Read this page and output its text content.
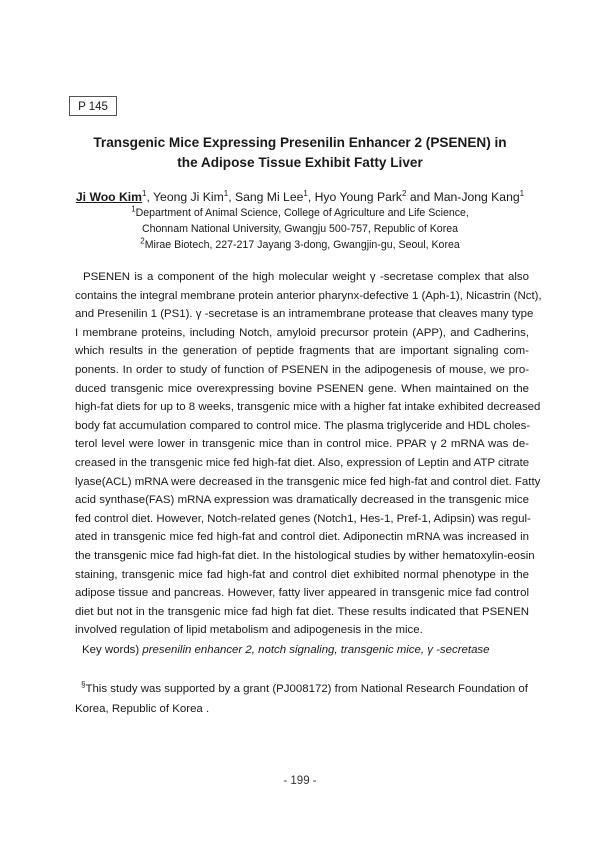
P 145
Transgenic Mice Expressing Presenilin Enhancer 2 (PSENEN) in
the Adipose Tissue Exhibit Fatty Liver
Ji Woo Kim$^1$, Yeong Ji Kim$^1$, Sang Mi Lee$^1$, Hyo Young Park$^2$ and Man-Jong Kang$^1$
$^1$Department of Animal Science, College of Agriculture and Life Science,
Chonnam National University, Gwangju 500-757, Republic of Korea
$^2$Mirae Biotech, 227-217 Jayang 3-dong, Gwangjin-gu, Seoul, Korea
PSENEN is a component of the high molecular weight γ -secretase complex that also
contains the integral membrane protein anterior pharynx-defective 1 (Aph-1), Nicastrin (Nct),
and Presenilin 1 (PS1). γ -secretase is an intramembrane protease that cleaves many type
I membrane proteins, including Notch, amyloid precursor protein (APP), and Cadherins,
which results in the generation of peptide fragments that are important signaling com-
ponents. In order to study of function of PSENEN in the adipogenesis of mouse, we pro-
duced transgenic mice overexpressing bovine PSENEN gene. When maintained on the
high-fat diets for up to 8 weeks, transgenic mice with a higher fat intake exhibited decreased
body fat accumulation compared to control mice. The plasma triglyceride and HDL choles-
terol level were lower in transgenic mice than in control mice. PPAR γ 2 mRNA was de-
creased in the transgenic mice fed high-fat diet. Also, expression of Leptin and ATP citrate
lyase(ACL) mRNA were decreased in the transgenic mice fed high-fat and control diet. Fatty
acid synthase(FAS) mRNA expression was dramatically decreased in the transgenic mice
fed control diet. However, Notch-related genes (Notch1, Hes-1, Pref-1, Adipsin) was regul-
ated in transgenic mice fed high-fat and control diet. Adiponectin mRNA was increased in
the transgenic mice fad high-fat diet. In the histological studies by wither hematoxylin-eosin
staining, transgenic mice fad high-fat and control diet exhibited normal phenotype in the
adipose tissue and pancreas. However, fatty liver appeared in transgenic mice fad control
diet but not in the transgenic mice fad high fat diet. These results indicated that PSENEN
involved regulation of lipid metabolism and adipogenesis in the mice.
Key words) presenilin enhancer 2, notch signaling, transgenic mice, γ -secretase
§This study was supported by a grant (PJ008172) from National Research Foundation of
Korea, Republic of Korea .
- 199 -
